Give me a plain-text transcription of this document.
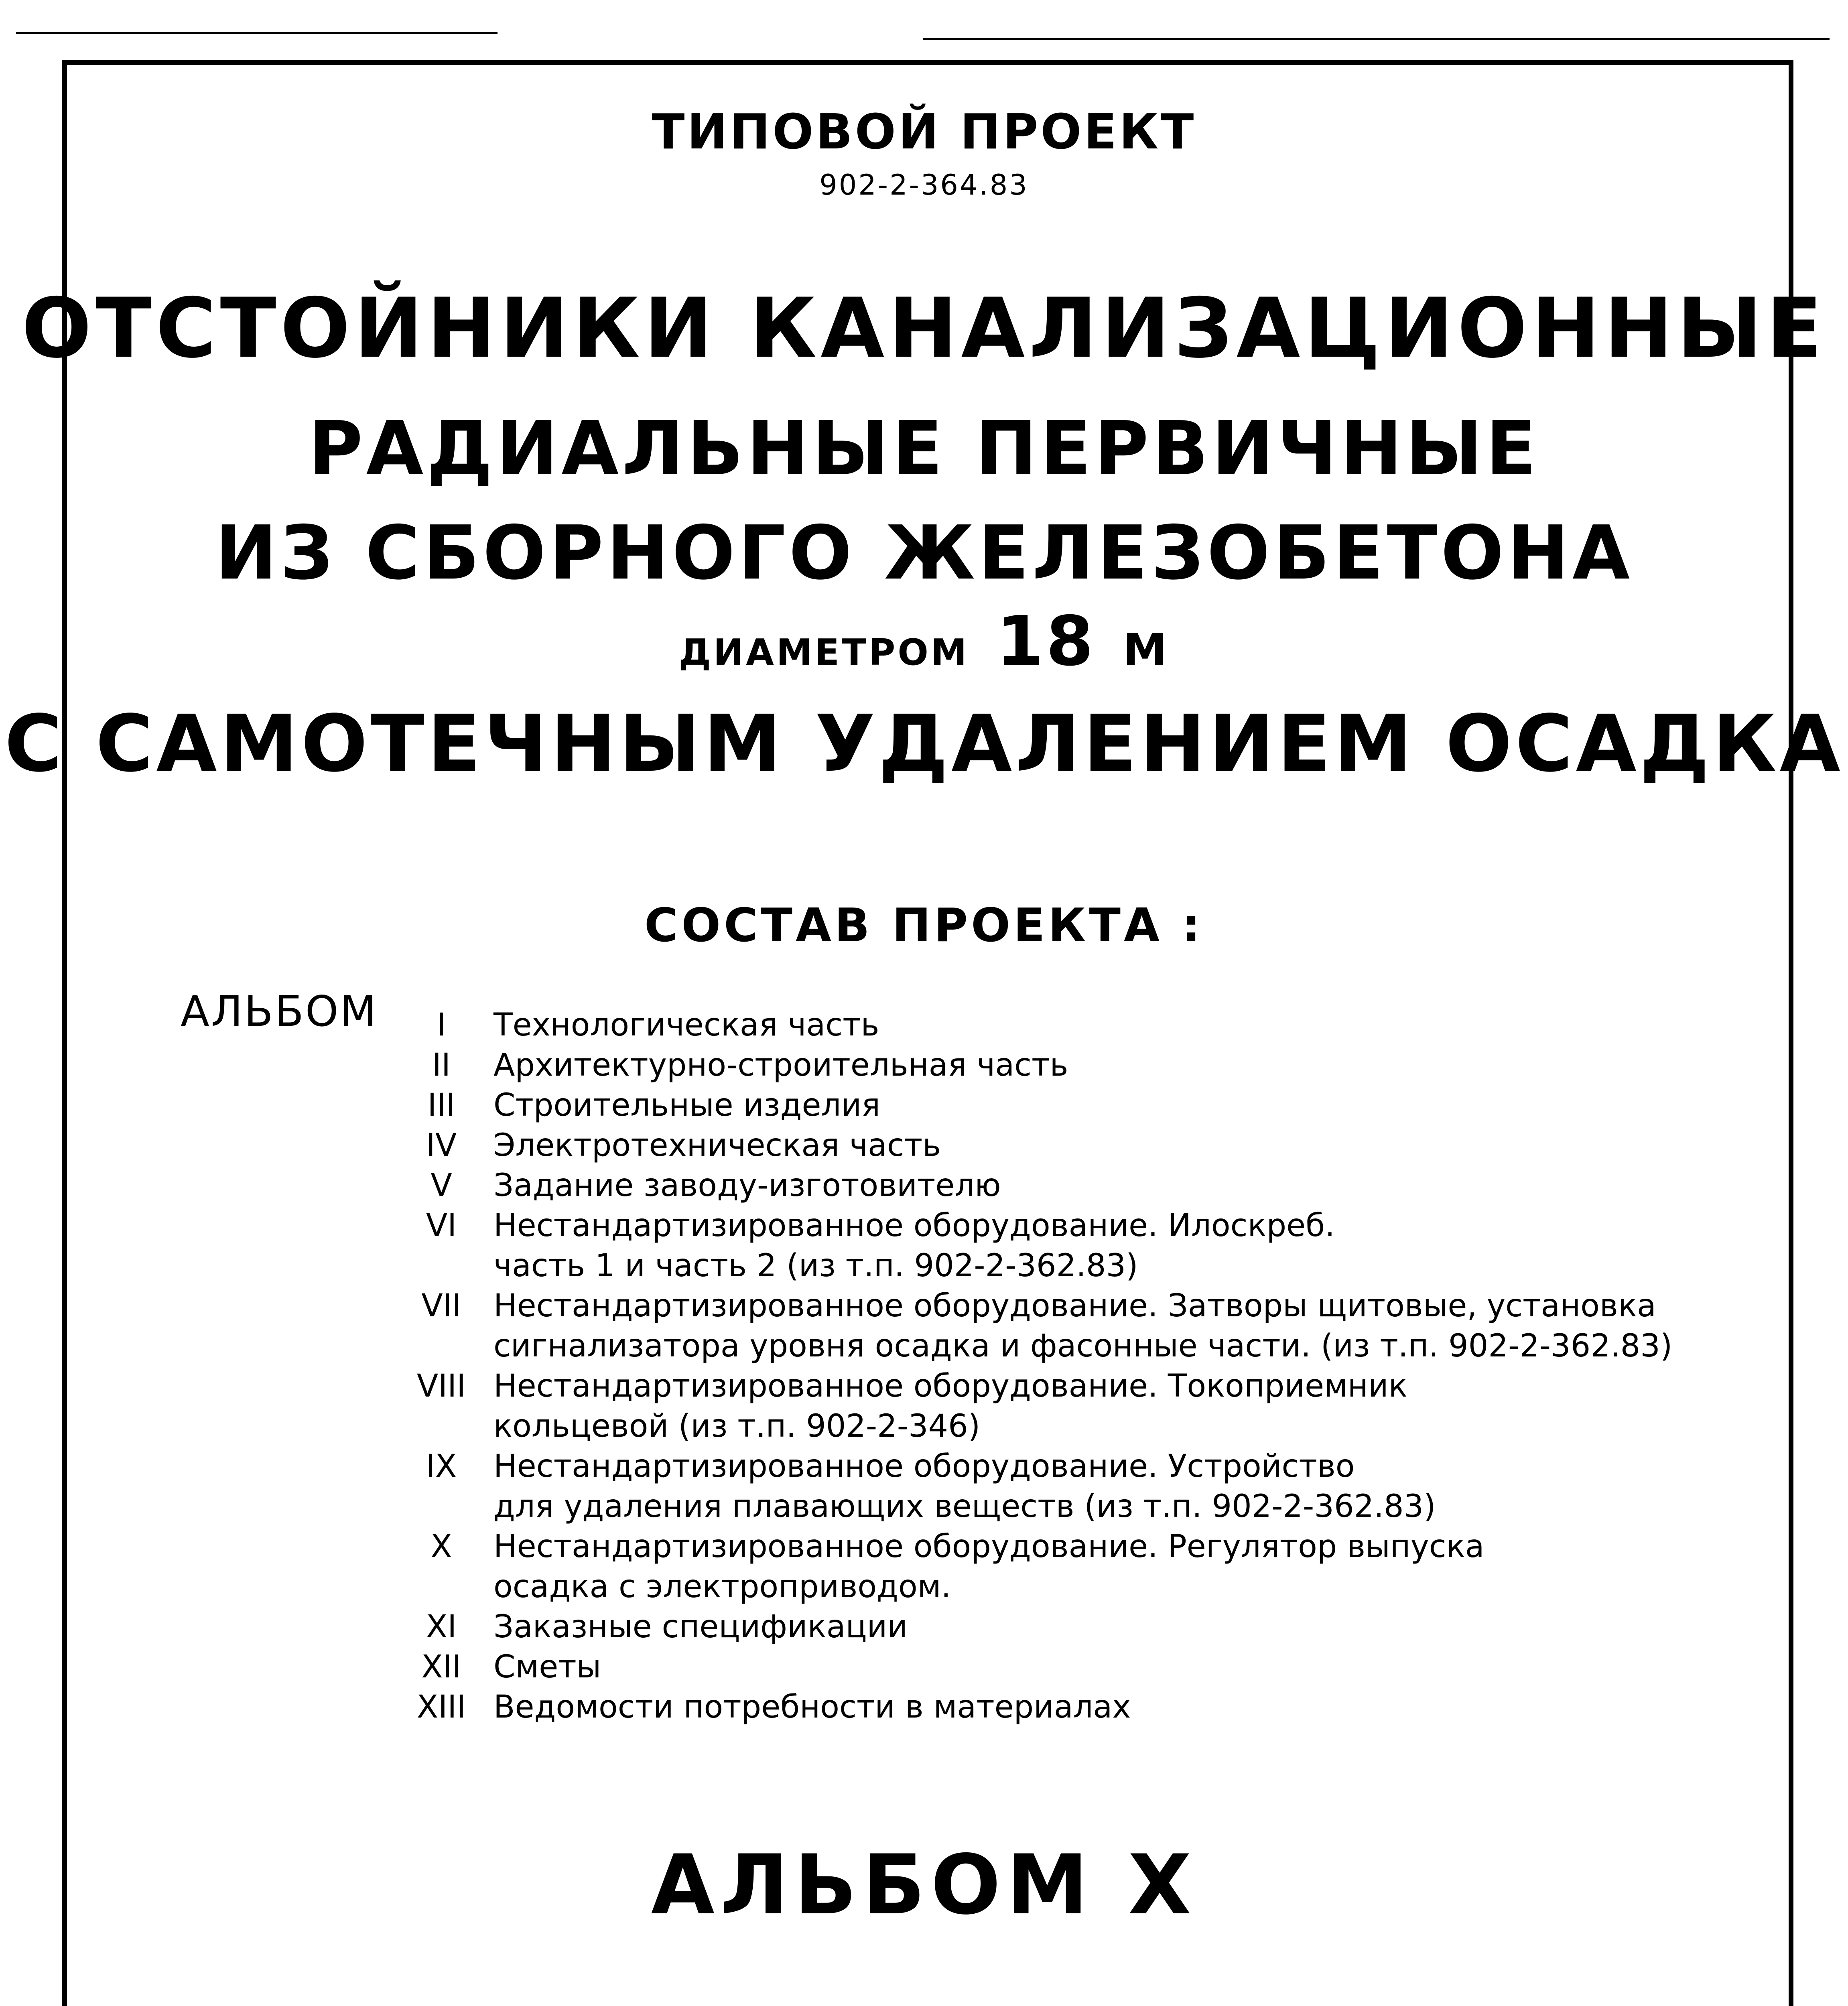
ТИПОВОЙ ПРОЕКТ
902-2-364.83
ОТСТОЙНИКИ КАНАЛИЗАЦИОННЫЕ
РАДИАЛЬНЫЕ ПЕРВИЧНЫЕ
ИЗ СБОРНОГО ЖЕЛЕЗОБЕТОНА
ДИАМЕТРОМ 18 М
С САМОТЕЧНЫМ УДАЛЕНИЕМ ОСАДКА
СОСТАВ ПРОЕКТА :
АЛЬБОМ	I	Технологическая часть
II	Архитектурно-строительная часть
III	Строительные изделия
IV	Электротехническая часть
V	Задание заводу-изготовителю
VI	Нестандартизированное оборудование. Илоскреб.
часть 1 и часть 2 (из т.п. 902-2-362.83)
VII Нестандартизированное оборудование. Затворы щитовые, установка
сигнализатора уровня осадка и фасонные части. (из т.п. 902-2-362.83)
VIII Нестандартизированное оборудование. Токоприемник
кольцевой (из т.п. 902-2-346)
IX	Нестандартизированное оборудование. Устройство
для удаления плавающих веществ (из т.п. 902-2-362.83)
X	Нестандартизированное оборудование. Регулятор выпуска
осадка с электроприводом.
XI	Заказные спецификации
XII Сметы
XIII Ведомости потребности в материалах
АЛЬБОМ X
